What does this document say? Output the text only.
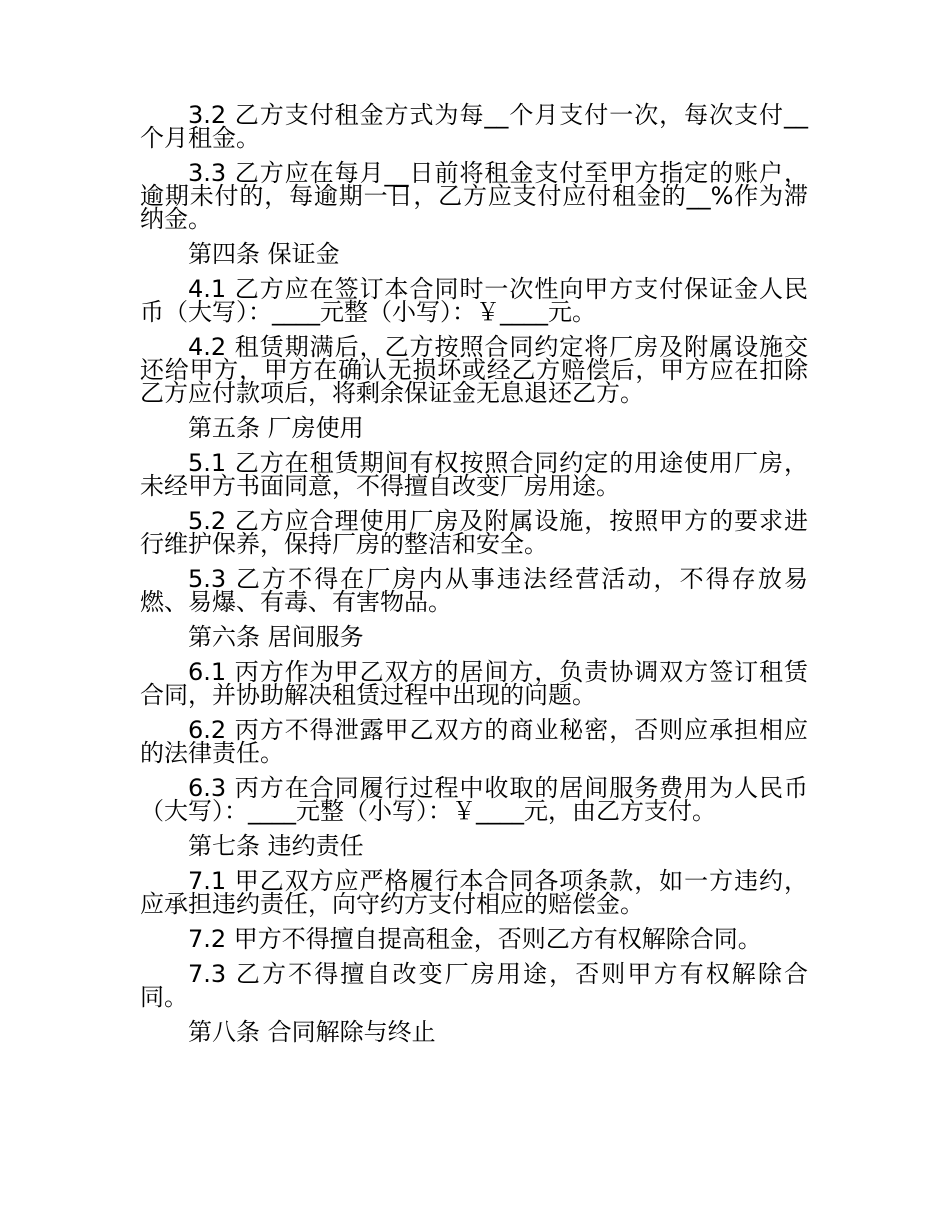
3.2 乙方支付租金方式为每__个月支付一次，每次支付__个月租金。

3.3 乙方应在每月__日前将租金支付至甲方指定的账户，逾期未付的，每逾期一日，乙方应支付应付租金的__%作为滞纳金。

第四条 保证金

4.1 乙方应在签订本合同时一次性向甲方支付保证金人民币（大写）：____元整（小写）：￥____元。

4.2 租赁期满后，乙方按照合同约定将厂房及附属设施交还给甲方，甲方在确认无损坏或经乙方赔偿后，甲方应在扣除乙方应付款项后，将剩余保证金无息退还乙方。

第五条 厂房使用

5.1 乙方在租赁期间有权按照合同约定的用途使用厂房，未经甲方书面同意，不得擅自改变厂房用途。

5.2 乙方应合理使用厂房及附属设施，按照甲方的要求进行维护保养，保持厂房的整洁和安全。

5.3 乙方不得在厂房内从事违法经营活动，不得存放易燃、易爆、有毒、有害物品。

第六条 居间服务

6.1 丙方作为甲乙双方的居间方，负责协调双方签订租赁合同，并协助解决租赁过程中出现的问题。

6.2 丙方不得泄露甲乙双方的商业秘密，否则应承担相应的法律责任。

6.3 丙方在合同履行过程中收取的居间服务费用为人民币（大写）：____元整（小写）：￥____元，由乙方支付。

第七条 违约责任

7.1 甲乙双方应严格履行本合同各项条款，如一方违约，应承担违约责任，向守约方支付相应的赔偿金。

7.2 甲方不得擅自提高租金，否则乙方有权解除合同。

7.3 乙方不得擅自改变厂房用途，否则甲方有权解除合同。

第八条 合同解除与终止
